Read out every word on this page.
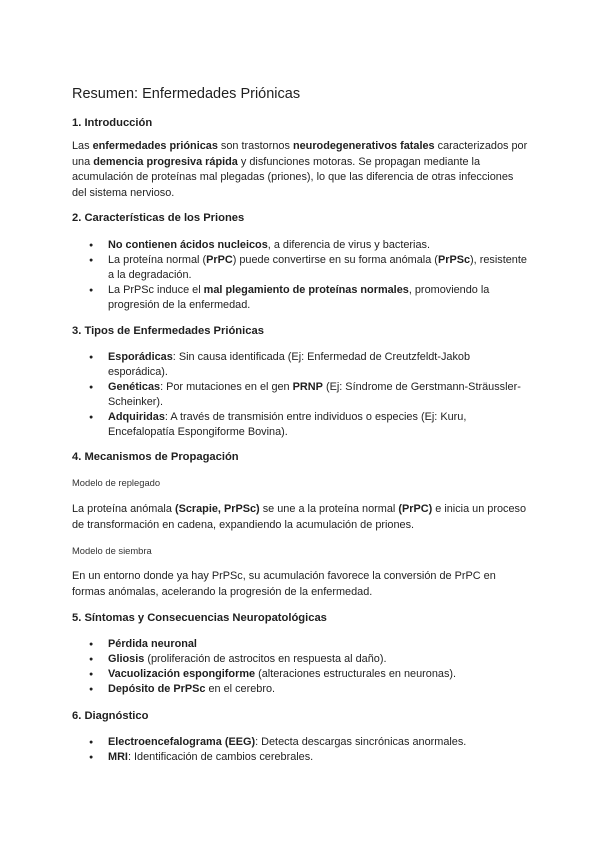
Resumen: Enfermedades Priónicas
1. Introducción
Las enfermedades priónicas son trastornos neurodegenerativos fatales caracterizados por una demencia progresiva rápida y disfunciones motoras. Se propagan mediante la acumulación de proteínas mal plegadas (priones), lo que las diferencia de otras infecciones del sistema nervioso.
2. Características de los Priones
● No contienen ácidos nucleicos, a diferencia de virus y bacterias.
● La proteína normal (PrPC) puede convertirse en su forma anómala (PrPSc), resistente a la degradación.
● La PrPSc induce el mal plegamiento de proteínas normales, promoviendo la progresión de la enfermedad.
3. Tipos de Enfermedades Priónicas
● Esporádicas: Sin causa identificada (Ej: Enfermedad de Creutzfeldt-Jakob esporádica).
● Genéticas: Por mutaciones en el gen PRNP (Ej: Síndrome de Gerstmann-Sträussler-Scheinker).
● Adquiridas: A través de transmisión entre individuos o especies (Ej: Kuru, Encefalopatía Espongiforme Bovina).
4. Mecanismos de Propagación
Modelo de replegado
La proteína anómala (Scrapie, PrPSc) se une a la proteína normal (PrPC) e inicia un proceso de transformación en cadena, expandiendo la acumulación de priones.
Modelo de siembra
En un entorno donde ya hay PrPSc, su acumulación favorece la conversión de PrPC en formas anómalas, acelerando la progresión de la enfermedad.
5. Síntomas y Consecuencias Neuropatológicas
● Pérdida neuronal
● Gliosis (proliferación de astrocitos en respuesta al daño).
● Vacuolización espongiforme (alteraciones estructurales en neuronas).
● Depósito de PrPSc en el cerebro.
6. Diagnóstico
● Electroencefalograma (EEG): Detecta descargas sincrónicas anormales.
● MRI: Identificación de cambios cerebrales.
